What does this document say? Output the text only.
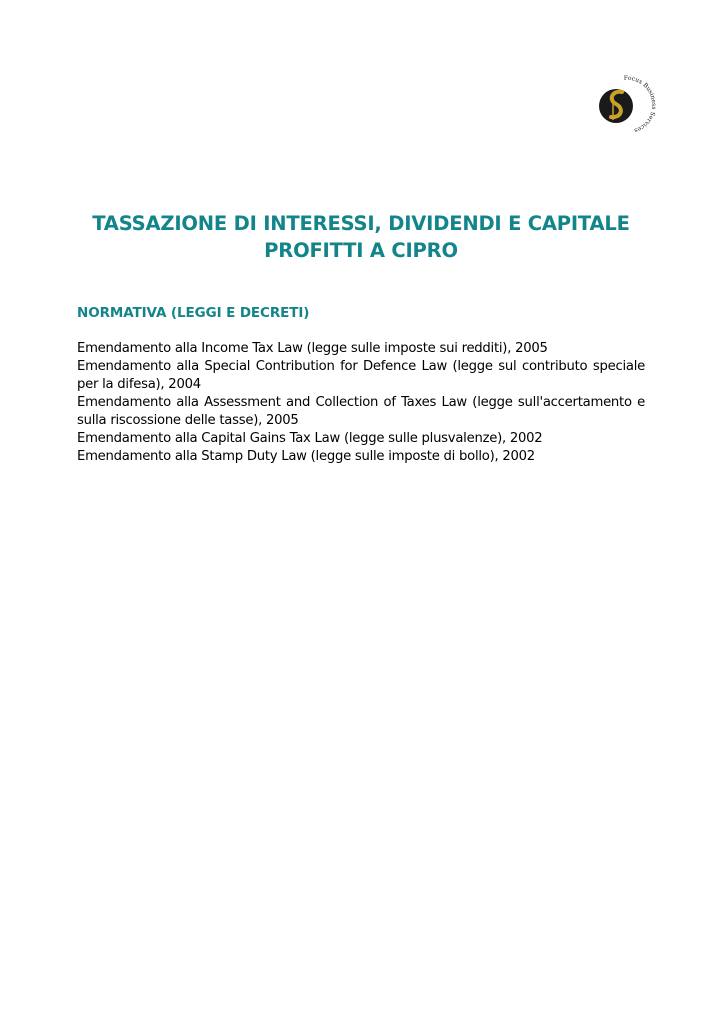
Focus Business Services
TASSAZIONE DI INTERESSI, DIVIDENDI E CAPITALE
PROFITTI A CIPRO
NORMATIVA (LEGGI E DECRETI)
Emendamento alla Income Tax Law (legge sulle imposte sui redditi), 2005
Emendamento alla Special Contribution for Defence Law (legge sul contributo speciale per la difesa), 2004
Emendamento alla Assessment and Collection of Taxes Law (legge sull'accertamento e sulla riscossione delle tasse), 2005
Emendamento alla Capital Gains Tax Law (legge sulle plusvalenze), 2002
Emendamento alla Stamp Duty Law (legge sulle imposte di bollo), 2002
